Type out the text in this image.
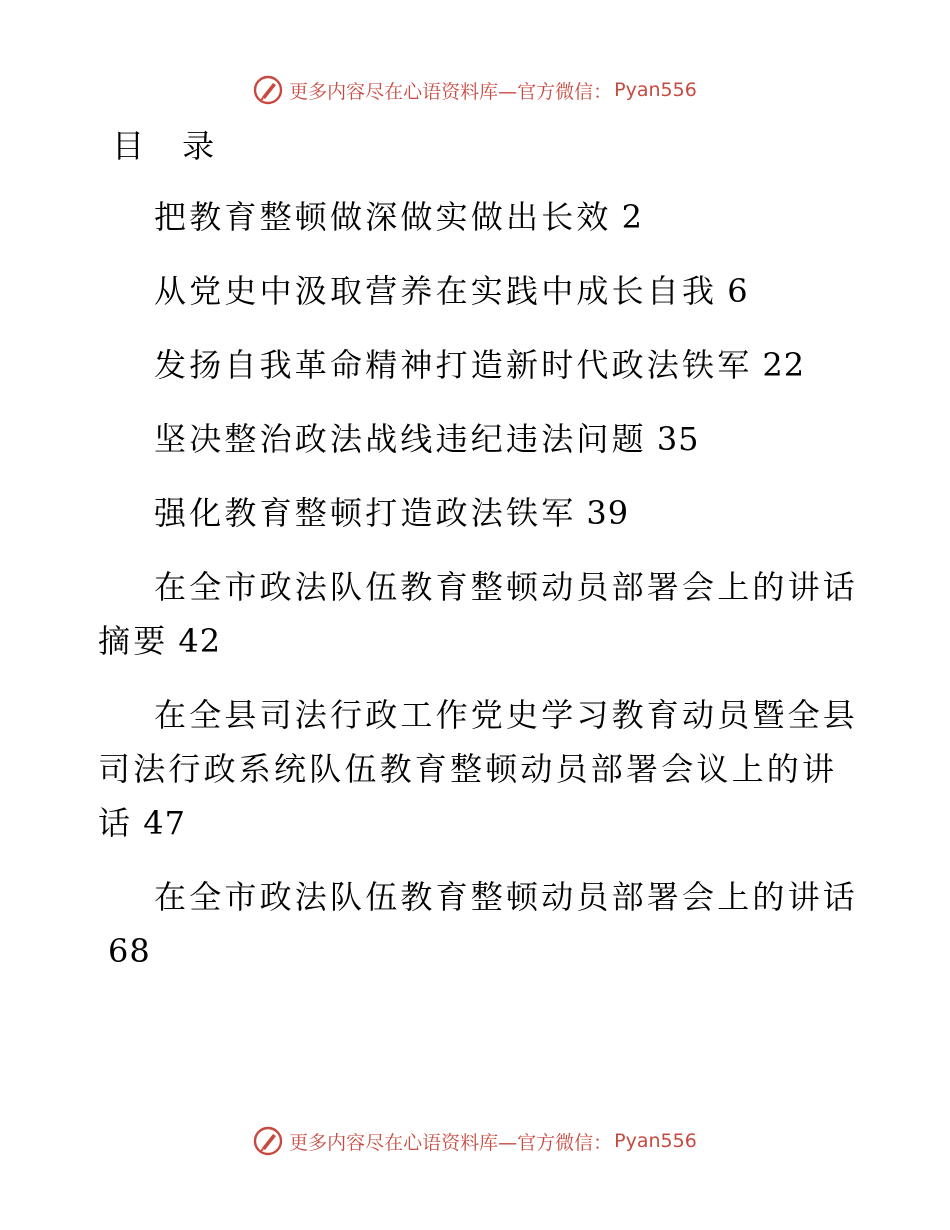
更多内容尽在心语资料库—官方微信： Pyan556
目 录
把教育整顿做深做实做出长效 2
从党史中汲取营养在实践中成长自我 6
发扬自我革命精神打造新时代政法铁军 22
坚决整治政法战线违纪违法问题 35
强化教育整顿打造政法铁军 39
在全市政法队伍教育整顿动员部署会上的讲话摘要 42
在全县司法行政工作党史学习教育动员暨全县司法行政系统队伍教育整顿动员部署会议上的讲话 47
在全市政法队伍教育整顿动员部署会上的讲话68
更多内容尽在心语资料库—官方微信： Pyan556
